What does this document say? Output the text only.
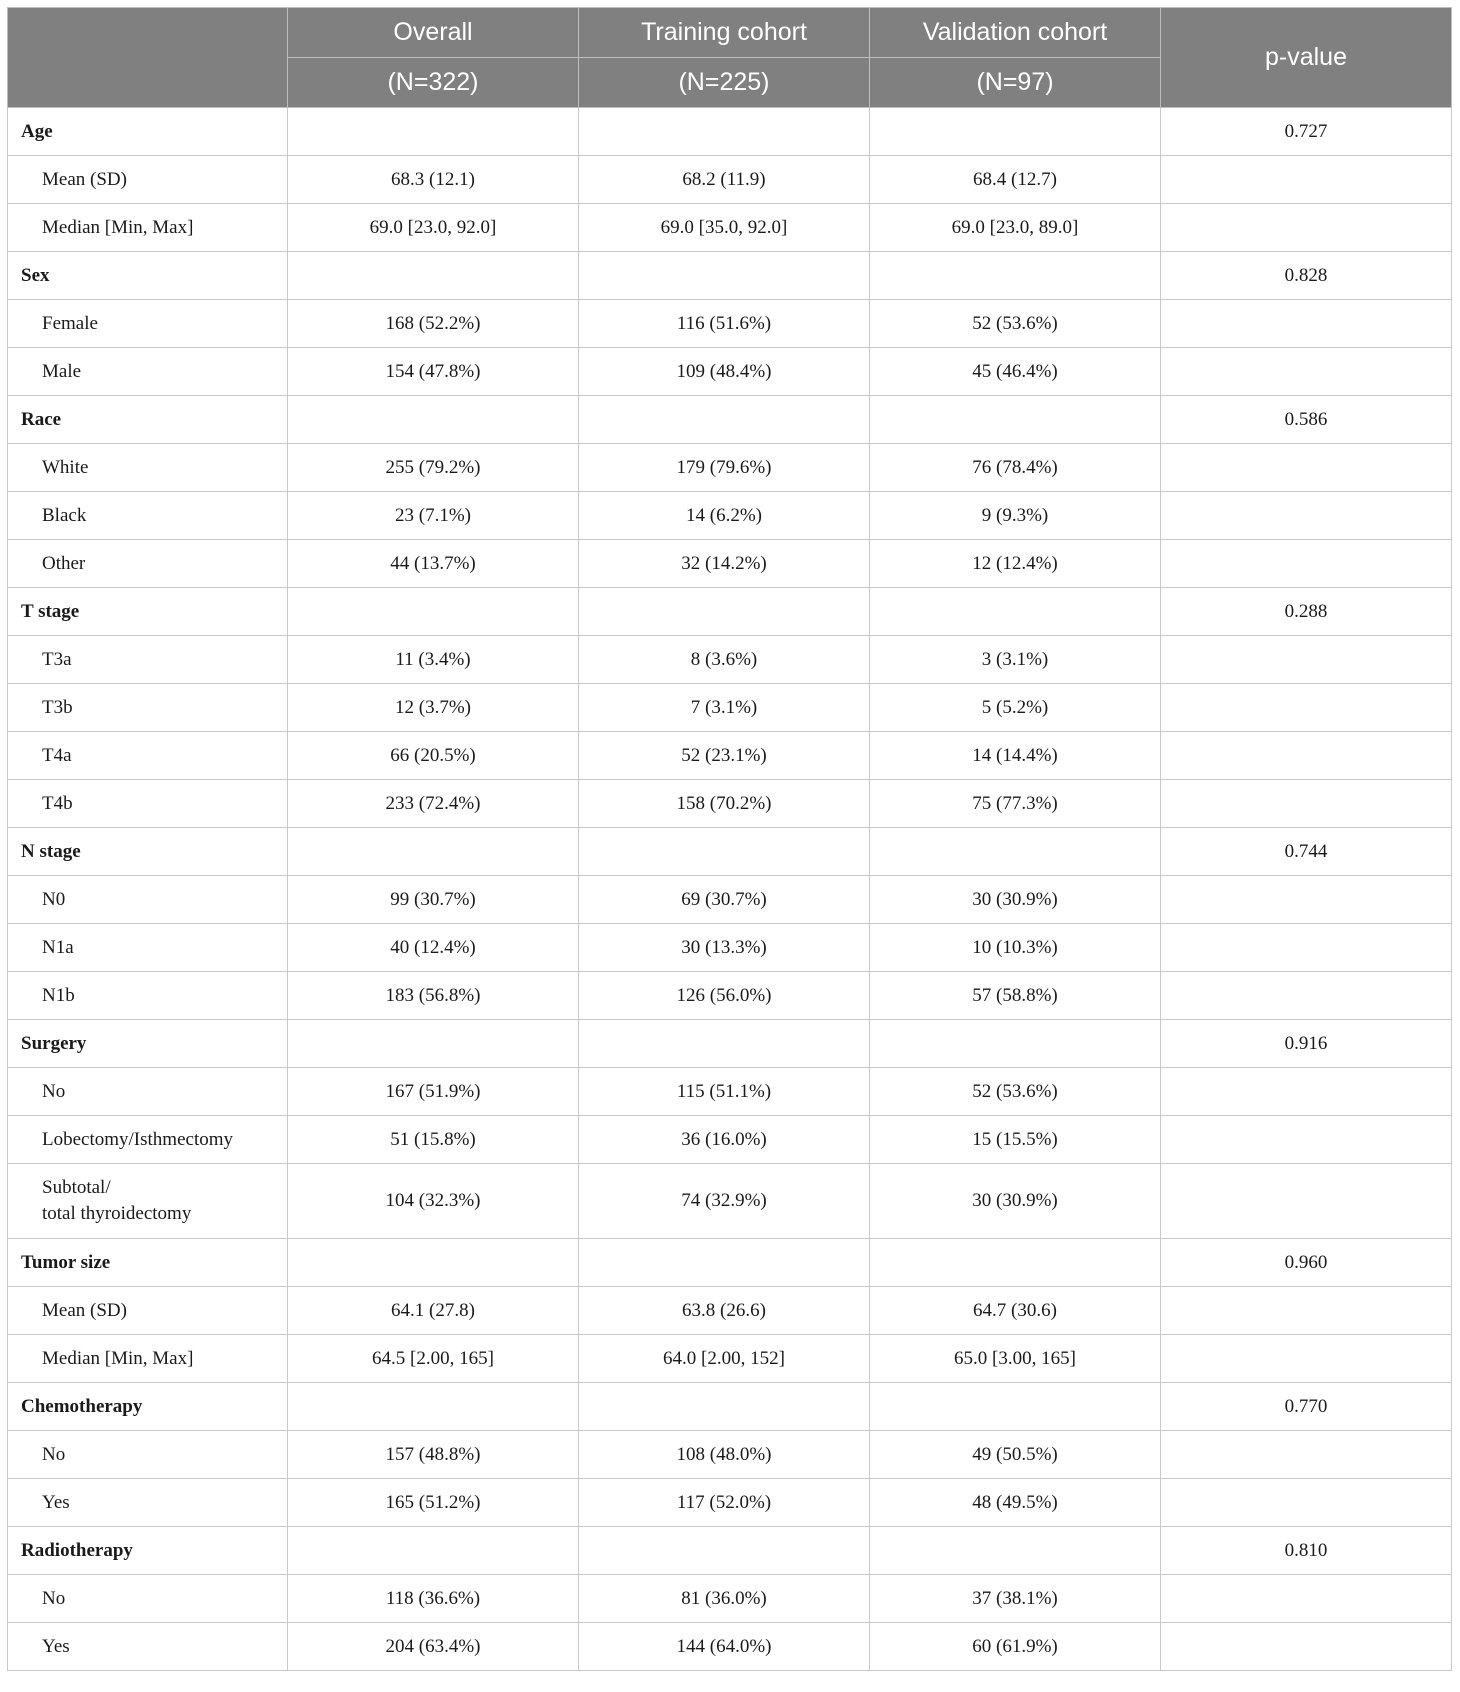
	Overall	Training cohort	Validation cohort	p-value
	(N=322)	(N=225)	(N=97)	
Age				0.727
Mean (SD)	68.3 (12.1)	68.2 (11.9)	68.4 (12.7)	
Median [Min, Max]	69.0 [23.0, 92.0]	69.0 [35.0, 92.0]	69.0 [23.0, 89.0]	
Sex				0.828
Female	168 (52.2%)	116 (51.6%)	52 (53.6%)	
Male	154 (47.8%)	109 (48.4%)	45 (46.4%)	
Race				0.586
White	255 (79.2%)	179 (79.6%)	76 (78.4%)	
Black	23 (7.1%)	14 (6.2%)	9 (9.3%)	
Other	44 (13.7%)	32 (14.2%)	12 (12.4%)	
T stage				0.288
T3a	11 (3.4%)	8 (3.6%)	3 (3.1%)	
T3b	12 (3.7%)	7 (3.1%)	5 (5.2%)	
T4a	66 (20.5%)	52 (23.1%)	14 (14.4%)	
T4b	233 (72.4%)	158 (70.2%)	75 (77.3%)	
N stage				0.744
N0	99 (30.7%)	69 (30.7%)	30 (30.9%)	
N1a	40 (12.4%)	30 (13.3%)	10 (10.3%)	
N1b	183 (56.8%)	126 (56.0%)	57 (58.8%)	
Surgery				0.916
No	167 (51.9%)	115 (51.1%)	52 (53.6%)	
Lobectomy/Isthmectomy	51 (15.8%)	36 (16.0%)	15 (15.5%)	

Subtotal/
total thyroidectomy	104 (32.3%)	74 (32.9%)	30 (30.9%)	
Tumor size				0.960
Mean (SD)	64.1 (27.8)	63.8 (26.6)	64.7 (30.6)	
Median [Min, Max]	64.5 [2.00, 165]	64.0 [2.00, 152]	65.0 [3.00, 165]	
Chemotherapy				0.770
No	157 (48.8%)	108 (48.0%)	49 (50.5%)	
Yes	165 (51.2%)	117 (52.0%)	48 (49.5%)	
Radiotherapy				0.810
No	118 (36.6%)	81 (36.0%)	37 (38.1%)	
Yes	204 (63.4%)	144 (64.0%)	60 (61.9%)	
